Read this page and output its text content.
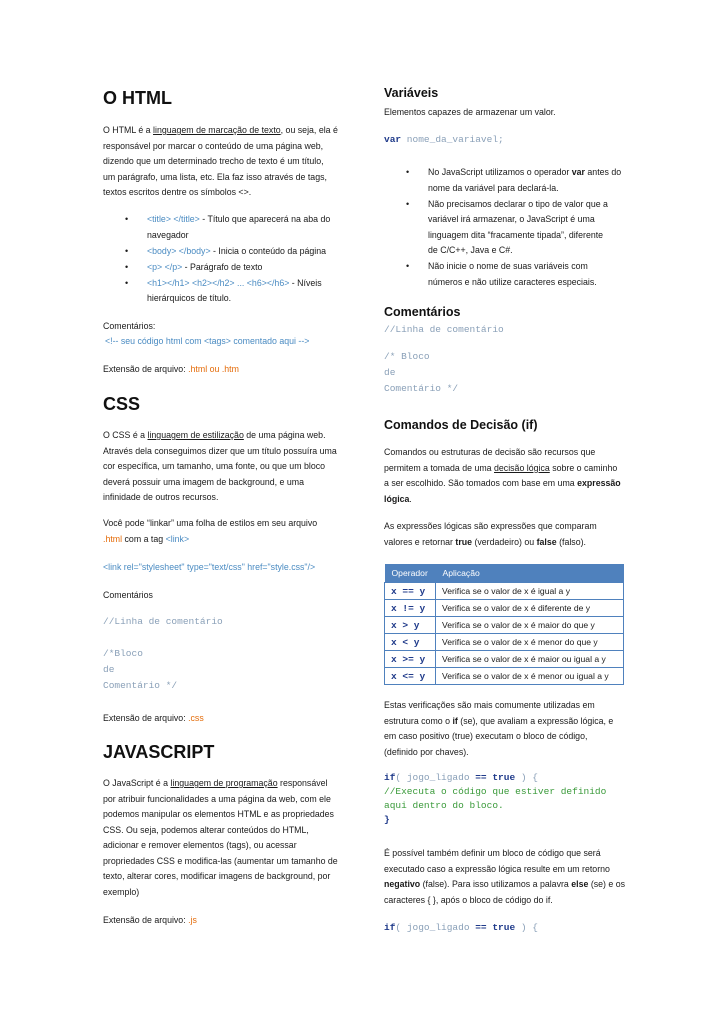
O HTML
O HTML é a linguagem de marcação de texto, ou seja, ela é
responsável por marcar o conteúdo de uma página web,
dizendo que um determinado trecho de texto é um título,
um parágrafo, uma lista, etc. Ela faz isso através de tags,
textos escritos dentre os símbolos <>.
• <title> </title> - Título que aparecerá na aba do
navegador
• <body> </body> - Inicia o conteúdo da página
• <p> </p> - Parágrafo de texto
• <h1></h1> <h2></h2> ... <h6></h6> - Níveis
hierárquicos de título.
Comentários:
<!-- seu código html com <tags> comentado aqui -->
Extensão de arquivo: .html ou .htm
CSS
O CSS é a linguagem de estilização de uma página web.
Através dela conseguimos dizer que um título possuíra uma
cor específica, um tamanho, uma fonte, ou que um bloco
deverá possuir uma imagem de background, e uma
infinidade de outros recursos.
Você pode “linkar” uma folha de estilos em seu arquivo
.html com a tag <link>
<link rel="stylesheet" type="text/css" href="style.css"/>
Comentários
//Linha de comentário
/*Bloco
de
Comentário */
Extensão de arquivo: .css
JAVASCRIPT
O JavaScript é a linguagem de programação responsável
por atribuir funcionalidades a uma página da web, com ele
podemos manipular os elementos HTML e as propriedades
CSS. Ou seja, podemos alterar conteúdos do HTML,
adicionar e remover elementos (tags), ou acessar
propriedades CSS e modifica-las (aumentar um tamanho de
texto, alterar cores, modificar imagens de background, por
exemplo)
Extensão de arquivo: .js
Variáveis
Elementos capazes de armazenar um valor.
var nome_da_variavel;
• No JavaScript utilizamos o operador var antes do
nome da variável para declará-la.
• Não precisamos declarar o tipo de valor que a
variável irá armazenar, o JavaScript é uma
linguagem dita “fracamente tipada”, diferente
de C/C++, Java e C#.
• Não inicie o nome de suas variáveis com
números e não utilize caracteres especiais.
Comentários
//Linha de comentário
/* Bloco
de
Comentário */
Comandos de Decisão (if)
Comandos ou estruturas de decisão são recursos que
permitem a tomada de uma decisão lógica sobre o caminho
a ser escolhido. São tomados com base em uma expressão
lógica.
As expressões lógicas são expressões que comparam
valores e retornar true (verdadeiro) ou false (falso).
Operador	Aplicação
x == y	Verifica se o valor de x é igual a y
x != y	Verifica se o valor de x é diferente de y
x > y	Verifica se o valor de x é maior do que y
x < y	Verifica se o valor de x é menor do que y
x >= y	Verifica se o valor de x é maior ou igual a y
x <= y	Verifica se o valor de x é menor ou igual a y
Estas verificações são mais comumente utilizadas em
estrutura como o if (se), que avaliam a expressão lógica, e
em caso positivo (true) executam o bloco de código,
(definido por chaves).
if( jogo_ligado == true ) {
//Executa o código que estiver definido
aqui dentro do bloco.
}
É possível também definir um bloco de código que será
executado caso a expressão lógica resulte em um retorno
negativo (false). Para isso utilizamos a palavra else (se) e os
caracteres { }, após o bloco de código do if.
if( jogo_ligado == true ) {
